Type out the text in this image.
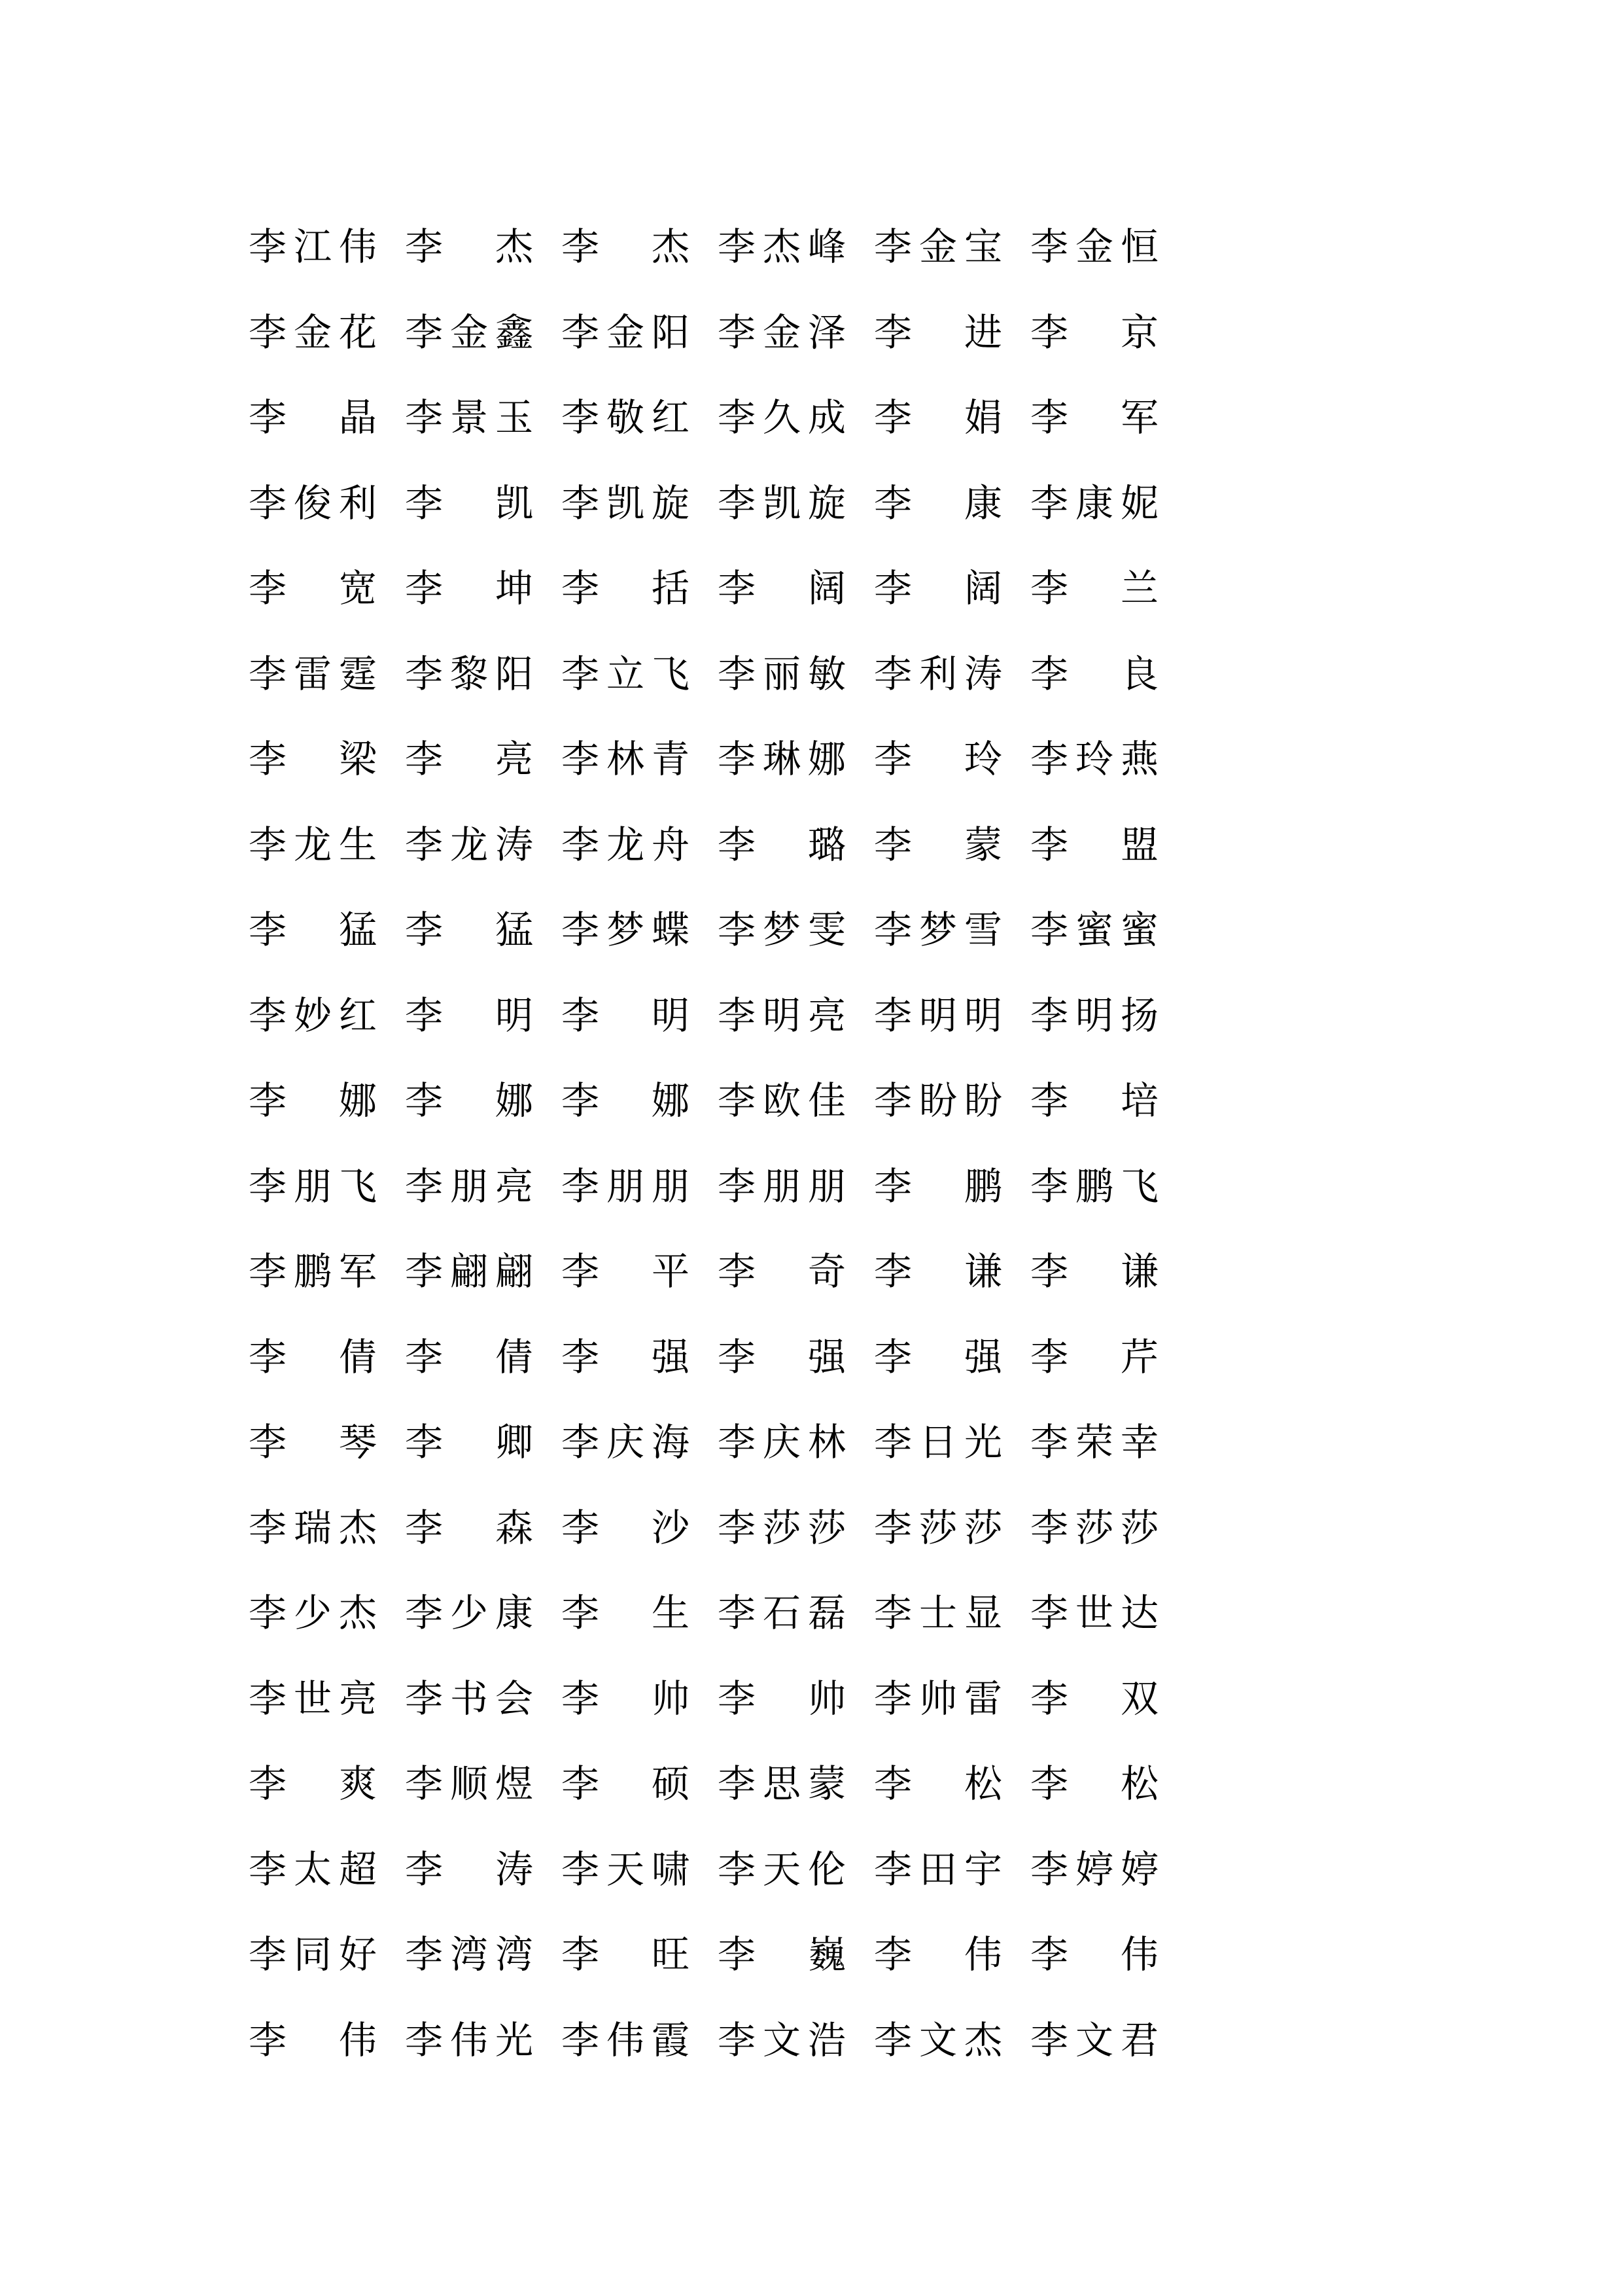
李 江 伟 李 杰 李 杰 李 杰 峰 李 金 宝 李 金 恒
李 金 花 李 金 鑫 李 金 阳 李 金 泽 李 进 李 京
李 晶 李 景 玉 李 敬 红 李 久 成 李 娟 李 军
李 俊 利 李 凯 李 凯 旋 李 凯 旋 李 康 李 康 妮
李 宽 李 坤 李 括 李 阔 李 阔 李 兰
李 雷 霆 李 黎 阳 李 立 飞 李 丽 敏 李 利 涛 李 良
李 梁 李 亮 李 林 青 李 琳 娜 李 玲 李 玲 燕
李 龙 生 李 龙 涛 李 龙 舟 李 璐 李 蒙 李 盟
李 猛 李 猛 李 梦 蝶 李 梦 雯 李 梦 雪 李 蜜 蜜
李 妙 红 李 明 李 明 李 明 亮 李 明 明 李 明 扬
李 娜 李 娜 李 娜 李 欧 佳 李 盼 盼 李 培
李 朋 飞 李 朋 亮 李 朋 朋 李 朋 朋 李 鹏 李 鹏 飞
李 鹏 军 李 翩 翩 李 平 李 奇 李 谦 李 谦
李 倩 李 倩 李 强 李 强 李 强 李 芹
李 琴 李 卿 李 庆 海 李 庆 林 李 日 光 李 荣 幸
李 瑞 杰 李 森 李 沙 李 莎 莎 李 莎 莎 李 莎 莎
李 少 杰 李 少 康 李 生 李 石 磊 李 士 显 李 世 达
李 世 亮 李 书 会 李 帅 李 帅 李 帅 雷 李 双
李 爽 李 顺 煜 李 硕 李 思 蒙 李 松 李 松
李 太 超 李 涛 李 天 啸 李 天 伦 李 田 宇 李 婷 婷
李 同 好 李 湾 湾 李 旺 李 巍 李 伟 李 伟
李 伟 李 伟 光 李 伟 霞 李 文 浩 李 文 杰 李 文 君
